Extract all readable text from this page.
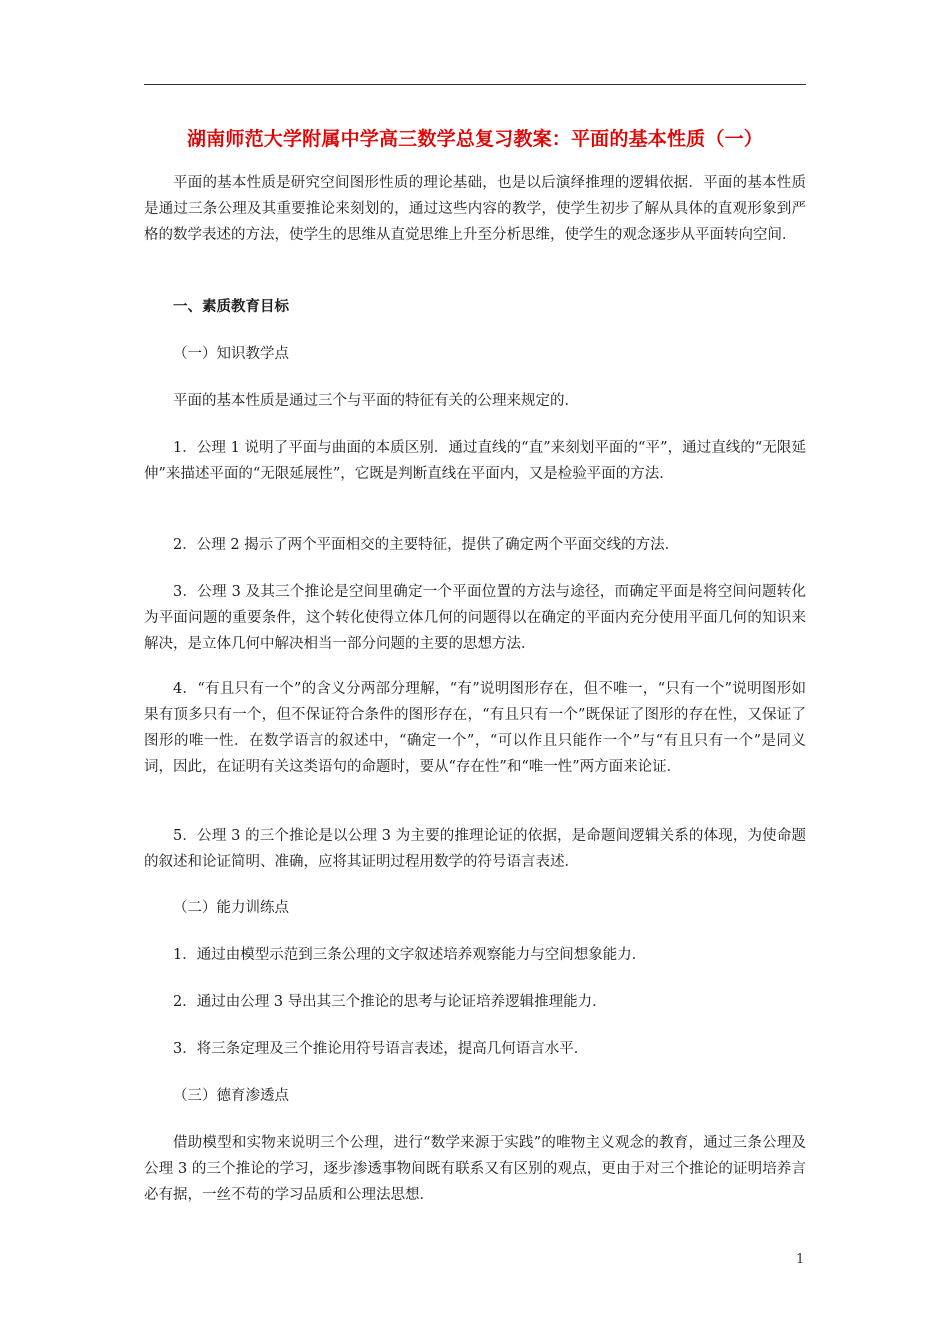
湖南师范大学附属中学高三数学总复习教案：平面的基本性质（一）

平面的基本性质是研究空间图形性质的理论基础，也是以后演绎推理的逻辑依据．平面的基本性质是通过三条公理及其重要推论来刻划的，通过这些内容的教学，使学生初步了解从具体的直观形象到严格的数学表述的方法，使学生的思维从直觉思维上升至分析思维，使学生的观念逐步从平面转向空间．

一、素质教育目标

（一）知识教学点

平面的基本性质是通过三个与平面的特征有关的公理来规定的．

1．公理 1 说明了平面与曲面的本质区别．通过直线的“直”来刻划平面的“平”，通过直线的“无限延伸”来描述平面的“无限延展性”，它既是判断直线在平面内，又是检验平面的方法．

2．公理 2 揭示了两个平面相交的主要特征，提供了确定两个平面交线的方法．

3．公理 3 及其三个推论是空间里确定一个平面位置的方法与途径，而确定平面是将空间问题转化为平面问题的重要条件，这个转化使得立体几何的问题得以在确定的平面内充分使用平面几何的知识来解决，是立体几何中解决相当一部分问题的主要的思想方法．

4．“有且只有一个”的含义分两部分理解，“有”说明图形存在，但不唯一，“只有一个”说明图形如果有顶多只有一个，但不保证符合条件的图形存在，“有且只有一个”既保证了图形的存在性，又保证了图形的唯一性．在数学语言的叙述中，“确定一个”，“可以作且只能作一个”与“有且只有一个”是同义词，因此，在证明有关这类语句的命题时，要从“存在性”和“唯一性”两方面来论证．

5．公理 3 的三个推论是以公理 3 为主要的推理论证的依据，是命题间逻辑关系的体现，为使命题的叙述和论证简明、准确，应将其证明过程用数学的符号语言表述．

（二）能力训练点

1．通过由模型示范到三条公理的文字叙述培养观察能力与空间想象能力．

2．通过由公理 3 导出其三个推论的思考与论证培养逻辑推理能力．

3．将三条定理及三个推论用符号语言表述，提高几何语言水平．

（三）德育渗透点

借助模型和实物来说明三个公理，进行“数学来源于实践”的唯物主义观念的教育，通过三条公理及公理 3 的三个推论的学习，逐步渗透事物间既有联系又有区别的观点，更由于对三个推论的证明培养言必有据，一丝不苟的学习品质和公理法思想．

1
